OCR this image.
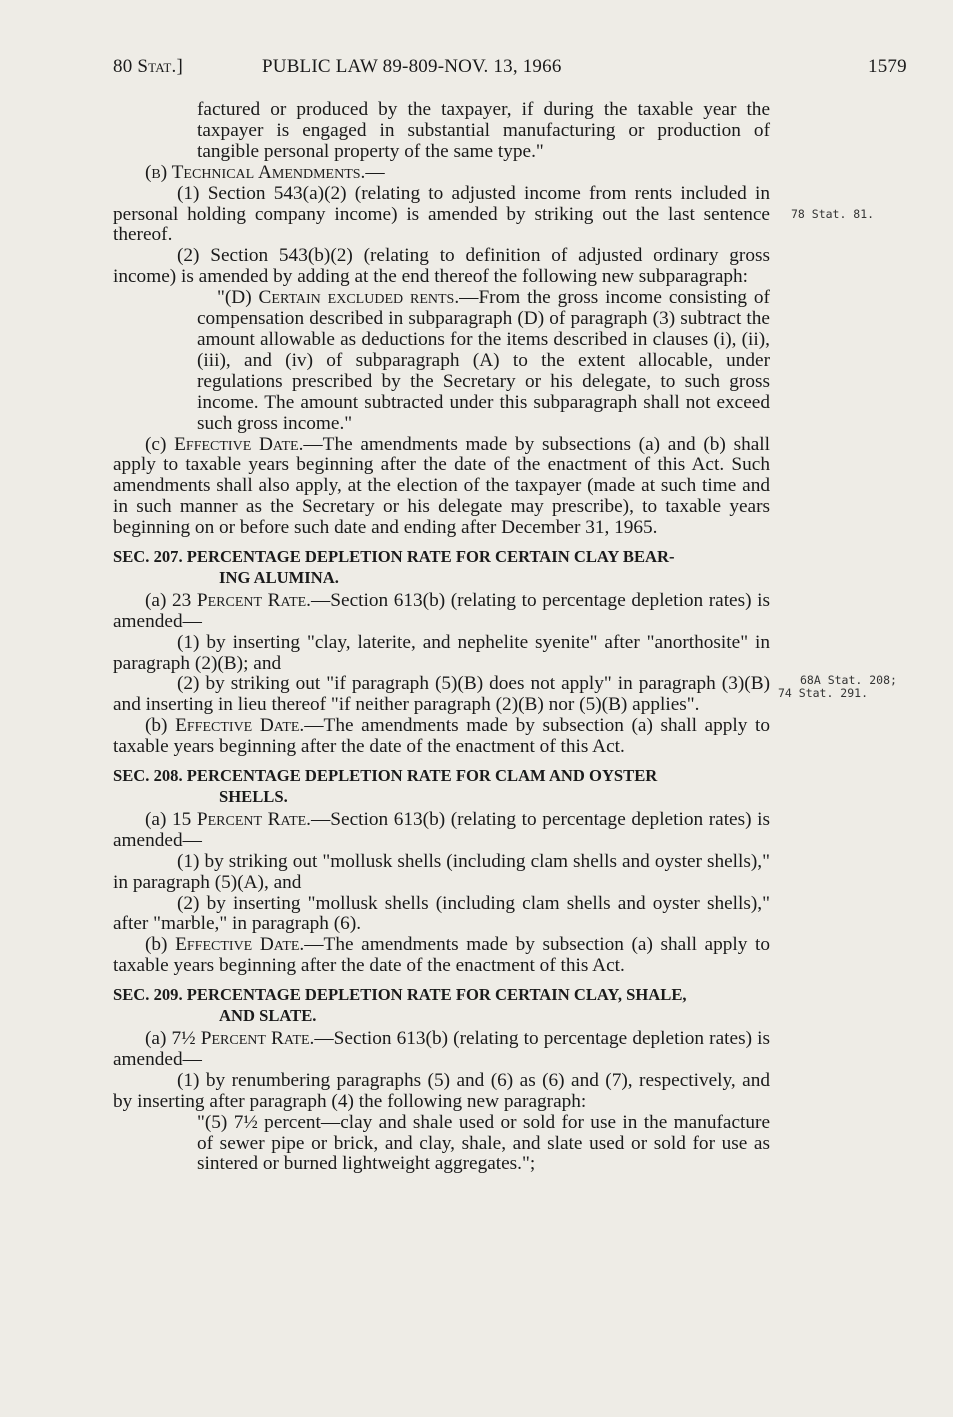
80 Stat.]	PUBLIC LAW 89-809-NOV. 13, 1966	1579
78 Stat. 81.
68A Stat. 208;
74 Stat. 291.

factured or produced by the taxpayer, if during the taxable year the taxpayer is engaged in substantial manufacturing or production of tangible personal property of the same type."

(b) Technical Amendments.—

(1) Section 543(a)(2) (relating to adjusted income from rents included in personal holding company income) is amended by striking out the last sentence thereof.

(2) Section 543(b)(2) (relating to definition of adjusted ordinary gross income) is amended by adding at the end thereof the following new subparagraph:

"(D) Certain excluded rents.—From the gross income consisting of compensation described in subparagraph (D) of paragraph (3) subtract the amount allowable as deductions for the items described in clauses (i), (ii), (iii), and (iv) of subparagraph (A) to the extent allocable, under regulations prescribed by the Secretary or his delegate, to such gross income. The amount subtracted under this subparagraph shall not exceed such gross income."

(c) Effective Date.—The amendments made by subsections (a) and (b) shall apply to taxable years beginning after the date of the enactment of this Act. Such amendments shall also apply, at the election of the taxpayer (made at such time and in such manner as the Secretary or his delegate may prescribe), to taxable years beginning on or before such date and ending after December 31, 1965.

SEC. 207. PERCENTAGE DEPLETION RATE FOR CERTAIN CLAY BEAR-
ING ALUMINA.

(a) 23 Percent Rate.—Section 613(b) (relating to percentage depletion rates) is amended—

(1) by inserting "clay, laterite, and nephelite syenite" after "anorthosite" in paragraph (2)(B); and

(2) by striking out "if paragraph (5)(B) does not apply" in paragraph (3)(B) and inserting in lieu thereof "if neither paragraph (2)(B) nor (5)(B) applies".

(b) Effective Date.—The amendments made by subsection (a) shall apply to taxable years beginning after the date of the enactment of this Act.

SEC. 208. PERCENTAGE DEPLETION RATE FOR CLAM AND OYSTER
SHELLS.

(a) 15 Percent Rate.—Section 613(b) (relating to percentage depletion rates) is amended—

(1) by striking out "mollusk shells (including clam shells and oyster shells)," in paragraph (5)(A), and

(2) by inserting "mollusk shells (including clam shells and oyster shells)," after "marble," in paragraph (6).

(b) Effective Date.—The amendments made by subsection (a) shall apply to taxable years beginning after the date of the enactment of this Act.

SEC. 209. PERCENTAGE DEPLETION RATE FOR CERTAIN CLAY, SHALE,
AND SLATE.

(a) 7½ Percent Rate.—Section 613(b) (relating to percentage depletion rates) is amended—

(1) by renumbering paragraphs (5) and (6) as (6) and (7), respectively, and by inserting after paragraph (4) the following new paragraph:

"(5) 7½ percent—clay and shale used or sold for use in the manufacture of sewer pipe or brick, and clay, shale, and slate used or sold for use as sintered or burned lightweight aggregates.";
